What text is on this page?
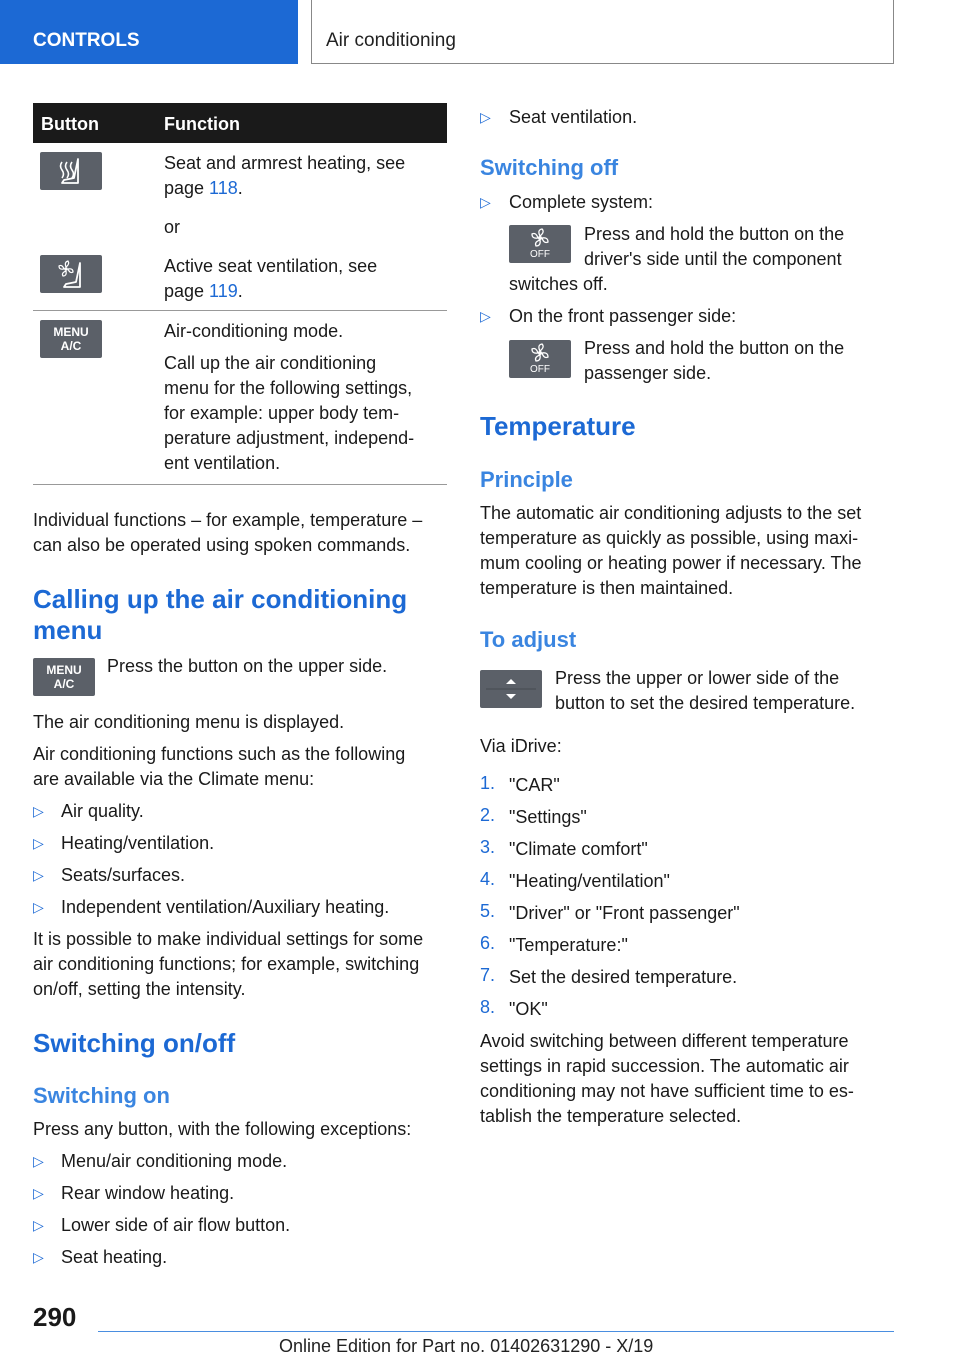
CONTROLS	Air conditioning
Button	Function
Seat and armrest heating, see
page 118.
or
Active seat ventilation, see
page 119.
MENU
A/C
Air-conditioning mode.
Call up the air conditioning
menu for the following settings,
for example: upper body tem-
perature adjustment, independ-
ent ventilation.
Individual functions – for example, temperature –
can also be operated using spoken commands.
Calling up the air conditioning
menu
MENU
A/C
Press the button on the upper side.
The air conditioning menu is displayed.
Air conditioning functions such as the following
are available via the Climate menu:
▷ Air quality.
▷ Heating/ventilation.
▷ Seats/surfaces.
▷ Independent ventilation/Auxiliary heating.
It is possible to make individual settings for some
air conditioning functions; for example, switching
on/off, setting the intensity.
Switching on/off
Switching on
Press any button, with the following exceptions:
▷ Menu/air conditioning mode.
▷ Rear window heating.
▷ Lower side of air flow button.
▷ Seat heating.
▷ Seat ventilation.
Switching off
▷ Complete system:
OFF
Press and hold the button on the
driver's side until the component
switches off.
▷ On the front passenger side:
OFF
Press and hold the button on the
passenger side.
Temperature
Principle
The automatic air conditioning adjusts to the set
temperature as quickly as possible, using maxi-
mum cooling or heating power if necessary. The
temperature is then maintained.
To adjust
Press the upper or lower side of the
button to set the desired temperature.
Via iDrive:
1. "CAR"
2. "Settings"
3. "Climate comfort"
4. "Heating/ventilation"
5. "Driver" or "Front passenger"
6. "Temperature:"
7. Set the desired temperature.
8. "OK"
Avoid switching between different temperature
settings in rapid succession. The automatic air
conditioning may not have sufficient time to es-
tablish the temperature selected.
290
Online Edition for Part no. 01402631290 - X/19
